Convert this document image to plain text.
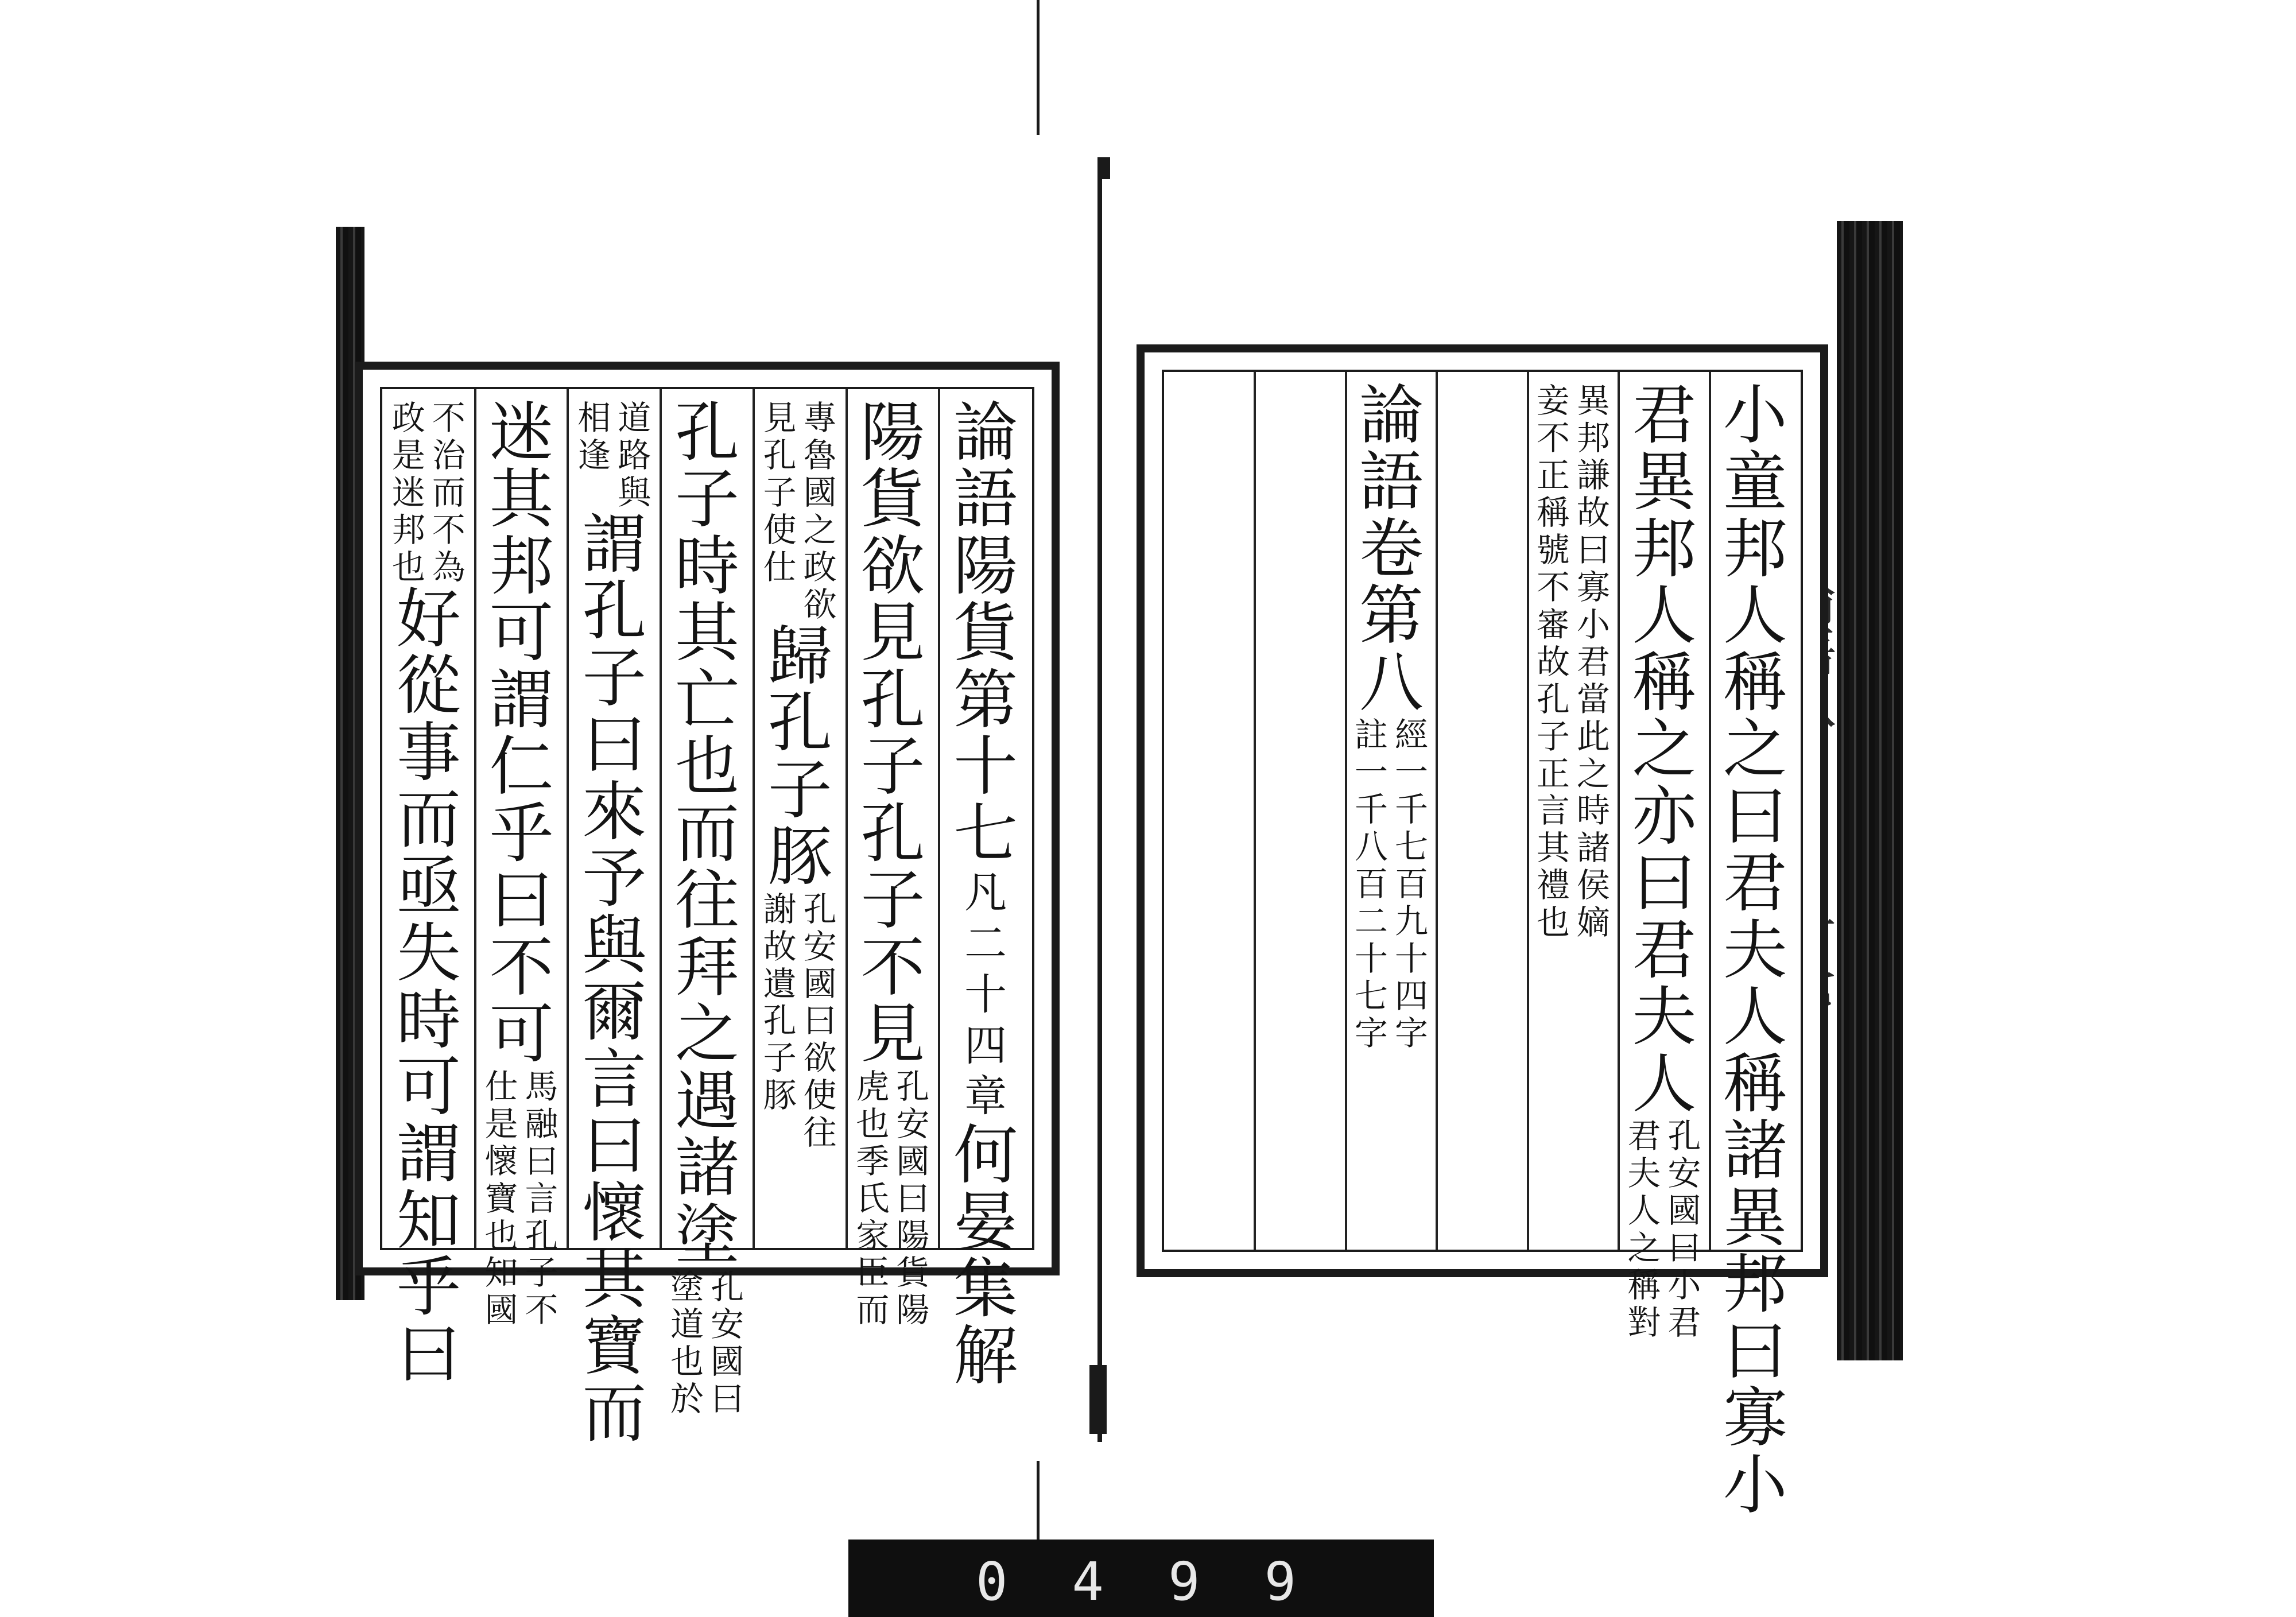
論語陽貨第十七
凡二十四章
何晏集解
陽貨欲見孔子孔子不見
孔安國曰陽貨陽
虎也季氏家臣而
專魯國之政欲
見孔子使仕
歸孔子豚
孔安國曰欲使往
謝故遺孔子豚
孔子時其亡也而往拜之遇諸塗
孔安國曰
塗道也於
道路與
相逢
謂孔子曰來予與爾言曰懷其寶而
迷其邦可謂仁乎曰不可
馬融曰言孔子不
仕是懷寶也知國
不治而不為
政是迷邦也
好從事而亟失時可謂知乎曰
小童邦人稱之曰君夫人稱諸異邦曰寡小
君異邦人稱之亦曰君夫人
孔安國曰小君
君夫人之稱對
異邦謙故曰寡小君當此之時諸侯嫡
妾不正稱號不審故孔子正言其禮也
論語卷第八
經一千七百九十四字
註一千八百二十七字
0 4 9 9
